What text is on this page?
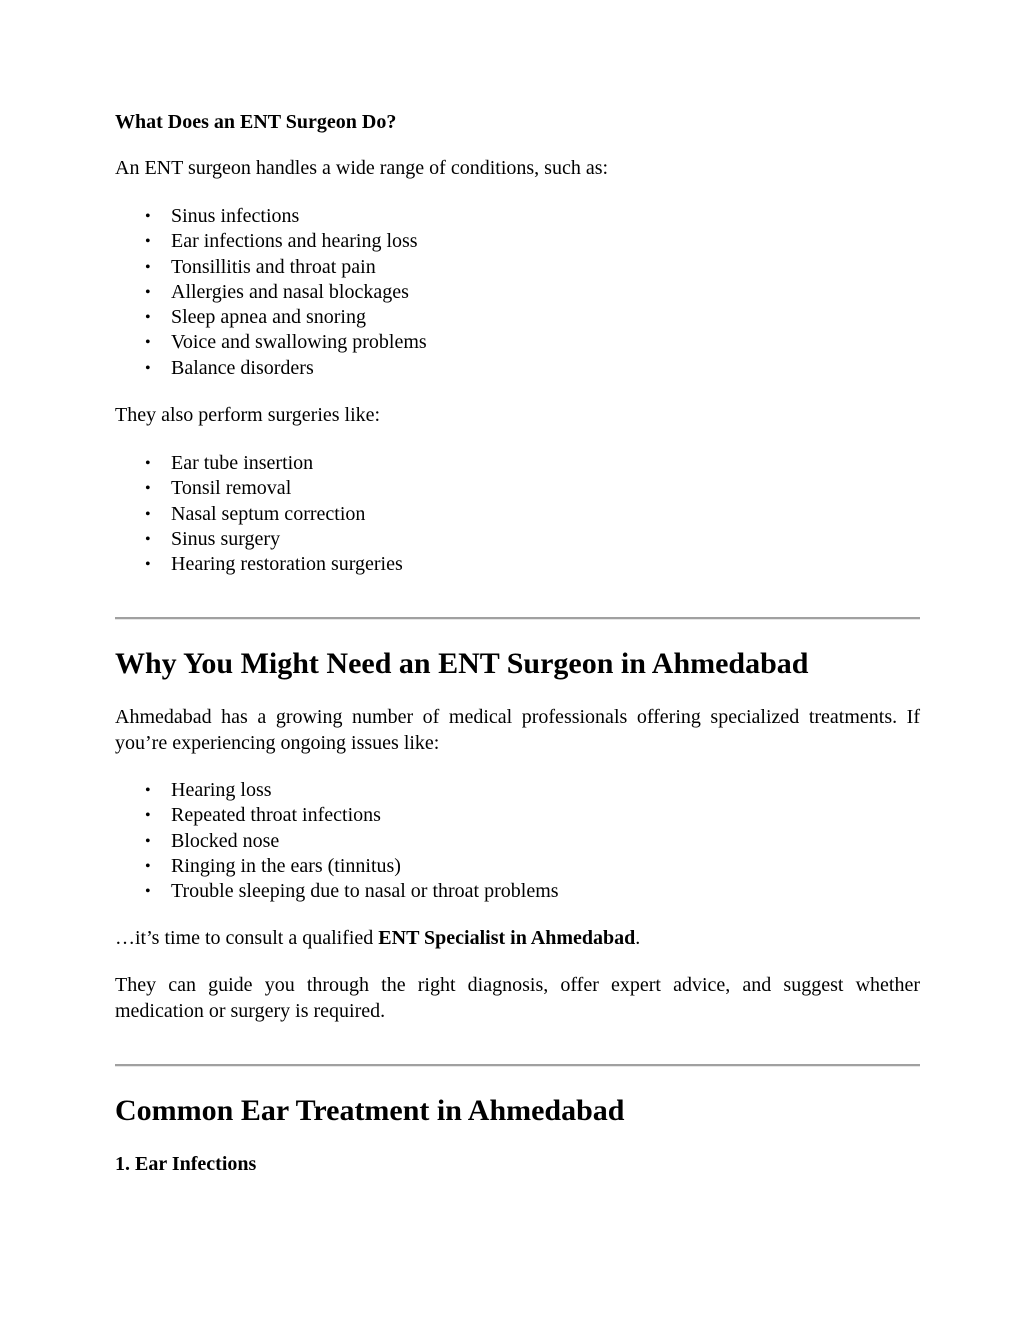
What Does an ENT Surgeon Do?

An ENT surgeon handles a wide range of conditions, such as:

• Sinus infections
• Ear infections and hearing loss
• Tonsillitis and throat pain
• Allergies and nasal blockages
• Sleep apnea and snoring
• Voice and swallowing problems
• Balance disorders

They also perform surgeries like:

• Ear tube insertion
• Tonsil removal
• Nasal septum correction
• Sinus surgery
• Hearing restoration surgeries
Why You Might Need an ENT Surgeon in Ahmedabad

Ahmedabad has a growing number of medical professionals offering specialized treatments. If you’re experiencing ongoing issues like:

• Hearing loss
• Repeated throat infections
• Blocked nose
• Ringing in the ears (tinnitus)
• Trouble sleeping due to nasal or throat problems

…it’s time to consult a qualified ENT Specialist in Ahmedabad.

They can guide you through the right diagnosis, offer expert advice, and suggest whether medication or surgery is required.

Common Ear Treatment in Ahmedabad
1. Ear Infections
